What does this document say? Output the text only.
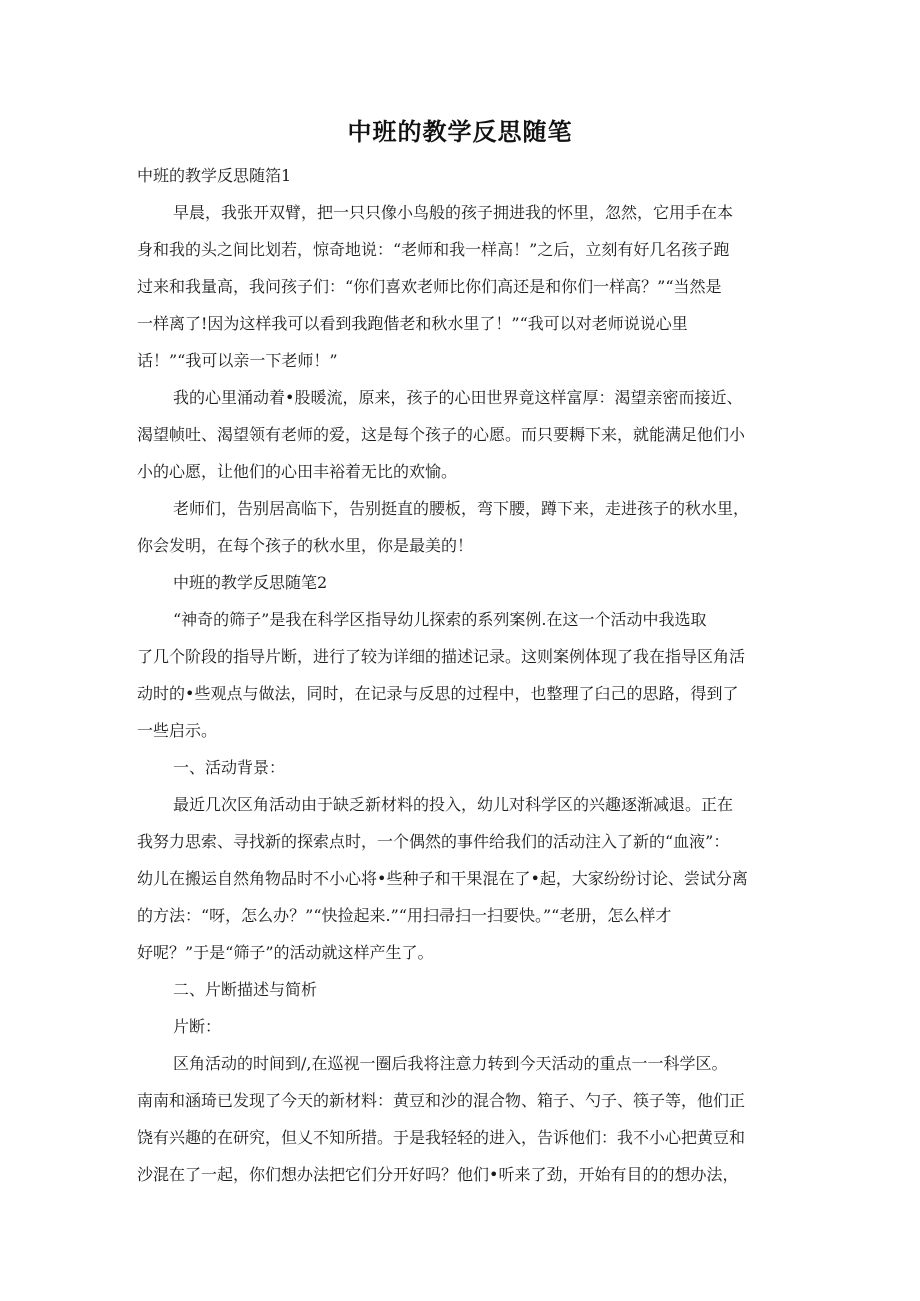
中班的教学反思随笔
中班的教学反思随箔1
早晨，我张开双臂，把一只只像小鸟般的孩子拥进我的怀里，忽然，它用手在本
身和我的头之间比划若，惊奇地说：“老师和我一样高！”之后，立刻有好几名孩子跑
过来和我量高，我问孩子们：“你们喜欢老师比你们高还是和你们一样高？”“当然是
一样离了!因为这样我可以看到我跑偕老和秋水里了！”“我可以对老师说说心里
话！”“我可以亲一下老师！”
我的心里涌动着•股暖流，原来，孩子的心田世界竟这样富厚：渴望亲密而接近、
渴望帧吐、渴望领有老师的爱，这是每个孩子的心愿。而只要耨下来，就能满足他们小
小的心愿，让他们的心田丰裕着无比的欢愉。
老师们，告别居高临下，告别挺直的腰板，弯下腰，蹲下来，走进孩子的秋水里，
你会发明，在每个孩子的秋水里，你是最美的！
中班的教学反思随笔2
“神奇的筛子”是我在科学区指导幼儿探索的系列案例.在这一个活动中我选取
了几个阶段的指导片断，进行了较为详细的描述记录。这则案例体现了我在指导区角活
动时的•些观点与做法，同时，在记录与反思的过程中，也整理了臼己的思路，得到了
一些启示。
一、活动背景：
最近几次区角活动由于缺乏新材料的投入，幼儿对科学区的兴趣逐渐减退。正在
我努力思索、寻找新的探索点时，一个偶然的事件给我们的活动注入了新的“血液”：
幼儿在搬运自然角物品时不小心将•些种子和干果混在了•起，大家纷纷讨论、尝试分离
的方法：“呀，怎么办？”“快捡起来.”“用扫帚扫一扫要快。”“老册，怎么样才
好呢？”于是“筛子”的活动就这样产生了。
二、片断描述与简析
片断：
区角活动的时间到/,在巡视一圈后我将注意力转到今天活动的重点一一科学区。
南南和涵琦已发现了今天的新材料：黄豆和沙的混合物、箱子、勺子、筷子等，他们正
饶有兴趣的在研究，但乂不知所措。于是我轻轻的进入，告诉他们：我不小心把黄豆和
沙混在了一起，你们想办法把它们分开好吗？他们•听来了劲，开始有目的的想办法，
